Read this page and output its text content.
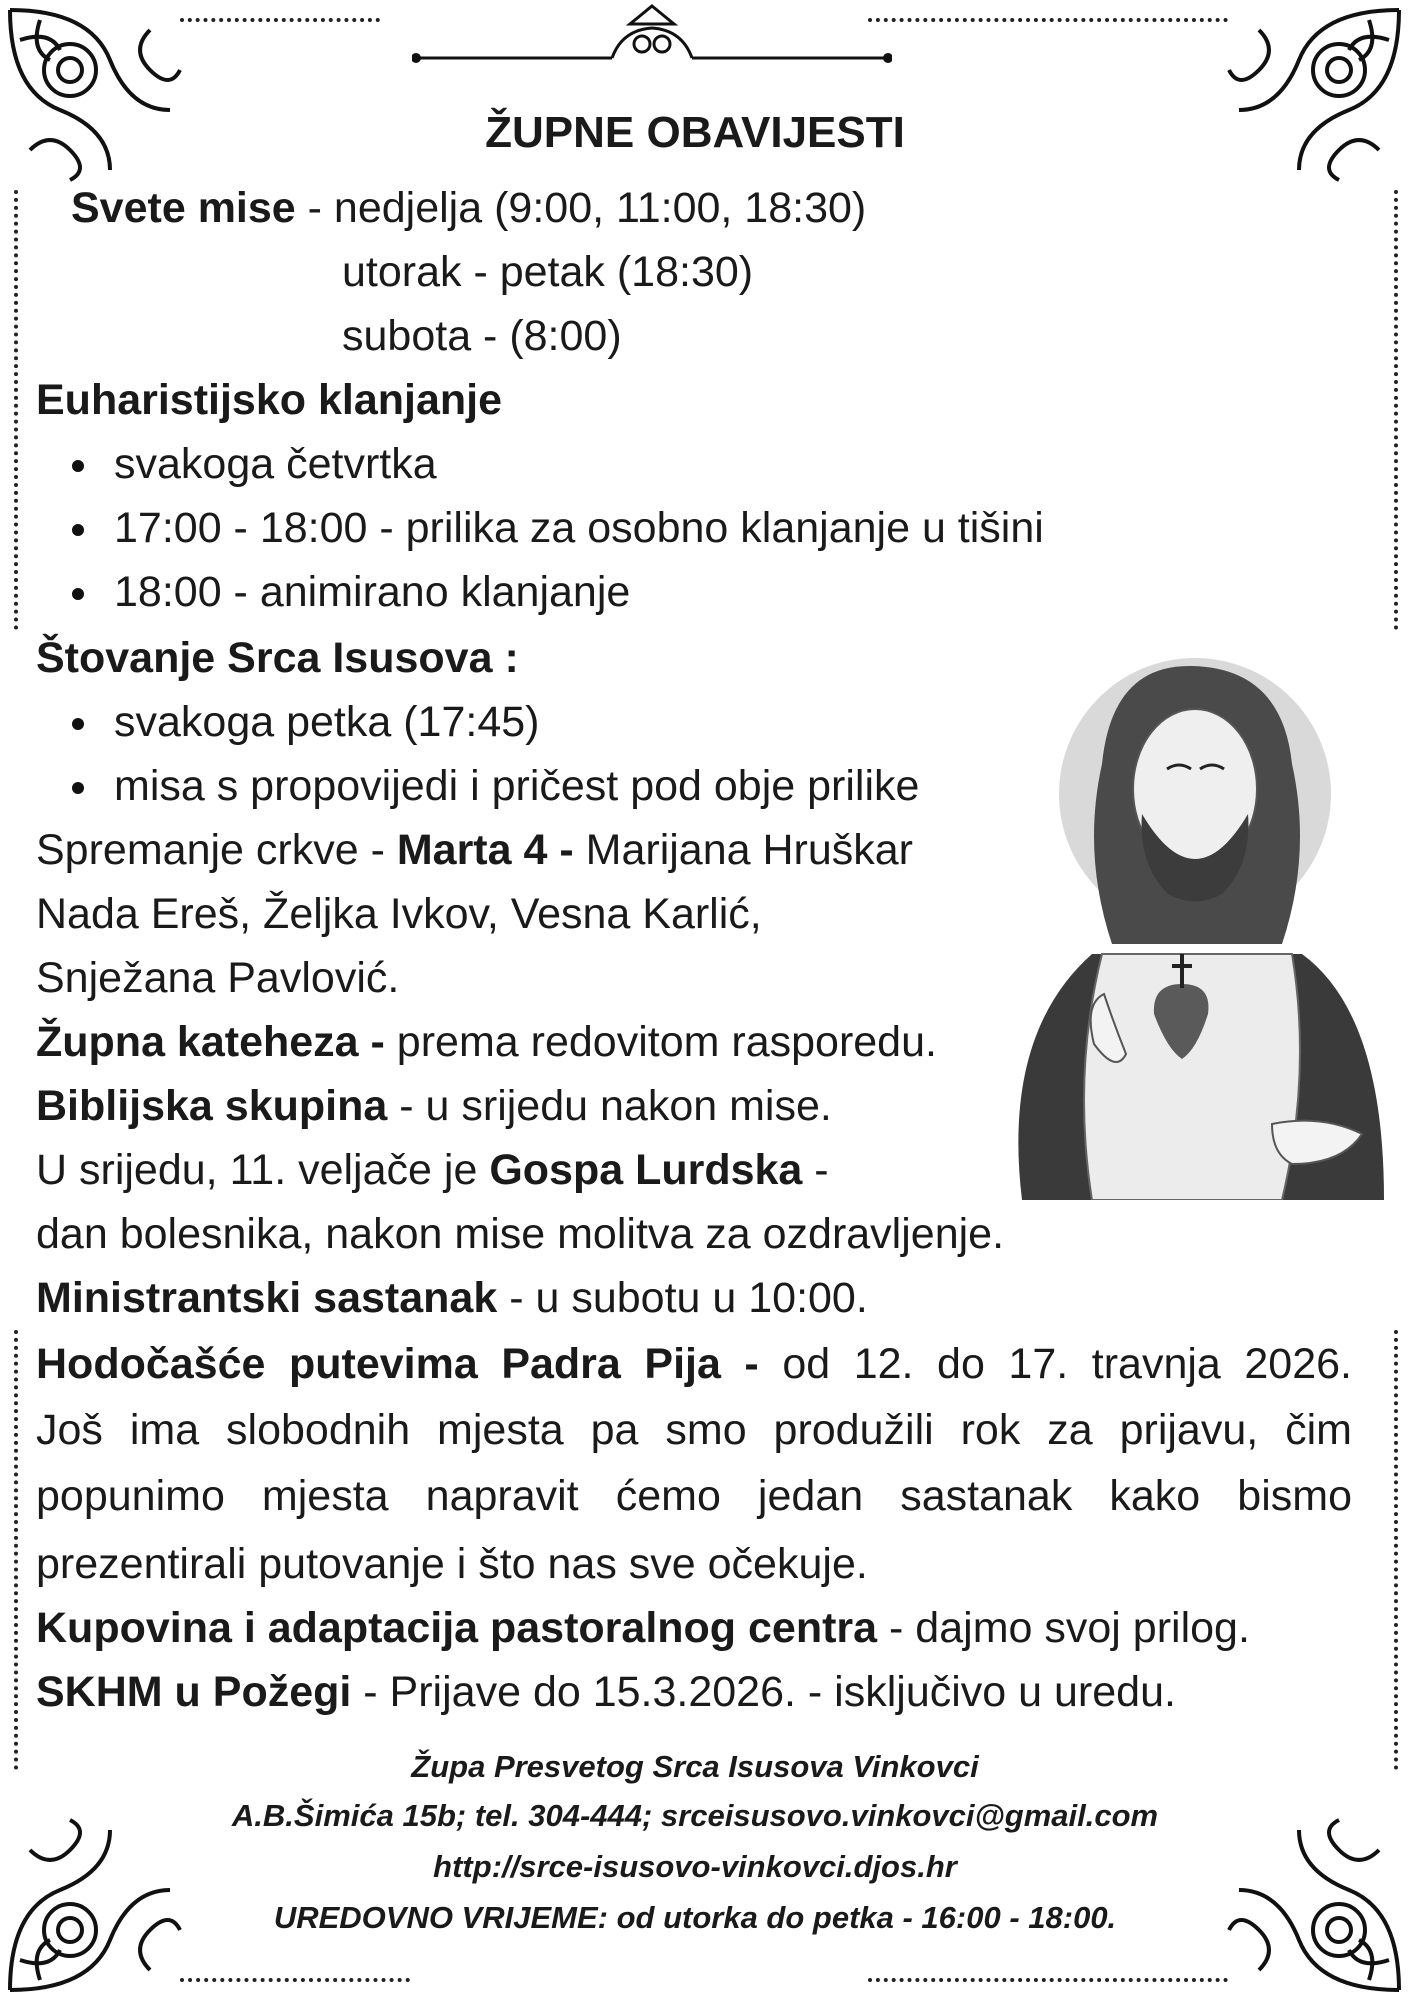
ŽUPNE OBAVIJESTI
Svete mise - nedjelja (9:00, 11:00, 18:30)
utorak - petak (18:30)
subota - (8:00)
Euharistijsko klanjanje
svakoga četvrtka
17:00 - 18:00 - prilika za osobno klanjanje u tišini
18:00 - animirano klanjanje
Štovanje Srca Isusova :
svakoga petka (17:45)
misa s propovijedi i pričest pod obje prilike
Spremanje crkve - Marta 4 - Marijana Hruškar
Nada Ereš, Željka Ivkov, Vesna Karlić,
Snježana Pavlović.
Župna kateheza - prema redovitom rasporedu.
Biblijska skupina - u srijedu nakon mise.
U srijedu, 11. veljače je Gospa Lurdska -
dan bolesnika, nakon mise molitva za ozdravljenje.
Ministrantski sastanak - u subotu u 10:00.
Hodočašće putevima Padra Pija - od 12. do 17. travnja 2026.
Još ima slobodnih mjesta pa smo produžili rok za prijavu, čim
popunimo mjesta napravit ćemo jedan sastanak kako bismo
prezentirali putovanje i što nas sve očekuje.
Kupovina i adaptacija pastoralnog centra - dajmo svoj prilog.
SKHM u Požegi - Prijave do 15.3.2026. - isključivo u uredu.
Župa Presvetog Srca Isusova Vinkovci
A.B.Šimića 15b; tel. 304-444; srceisusovo.vinkovci@gmail.com
http://srce-isusovo-vinkovci.djos.hr
UREDOVNO VRIJEME: od utorka do petka - 16:00 - 18:00.
